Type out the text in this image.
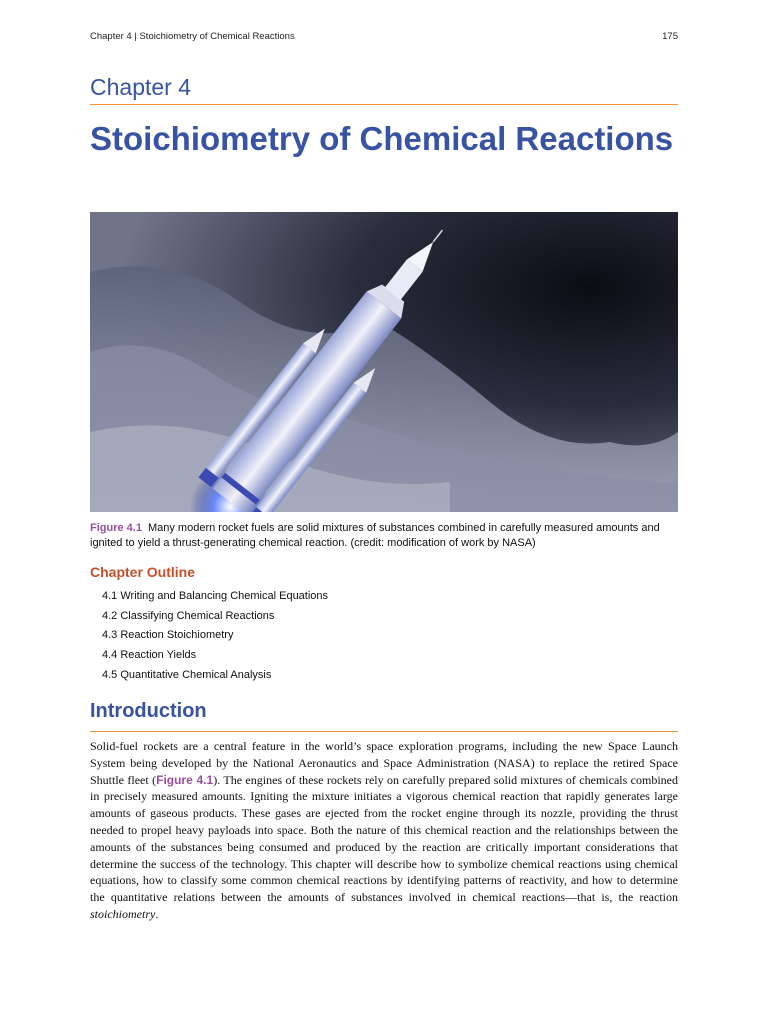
Chapter 4 | Stoichiometry of Chemical Reactions	175
Chapter 4
Stoichiometry of Chemical Reactions
Figure 4.1 Many modern rocket fuels are solid mixtures of substances combined in carefully measured amounts and ignited to yield a thrust-generating chemical reaction. (credit: modification of work by NASA)
Chapter Outline
4.1 Writing and Balancing Chemical Equations
4.2 Classifying Chemical Reactions
4.3 Reaction Stoichiometry
4.4 Reaction Yields
4.5 Quantitative Chemical Analysis
Introduction

Solid-fuel rockets are a central feature in the world’s space exploration programs, including the new Space Launch System being developed by the National Aeronautics and Space Administration (NASA) to replace the retired Space Shuttle fleet (Figure 4.1). The engines of these rockets rely on carefully prepared solid mixtures of chemicals combined in precisely measured amounts. Igniting the mixture initiates a vigorous chemical reaction that rapidly generates large amounts of gaseous products. These gases are ejected from the rocket engine through its nozzle, providing the thrust needed to propel heavy payloads into space. Both the nature of this chemical reaction and the relationships between the amounts of the substances being consumed and produced by the reaction are critically important considerations that determine the success of the technology. This chapter will describe how to symbolize chemical reactions using chemical equations, how to classify some common chemical reactions by identifying patterns of reactivity, and how to determine the quantitative relations between the amounts of substances involved in chemical reactions—that is, the reaction stoichiometry.
